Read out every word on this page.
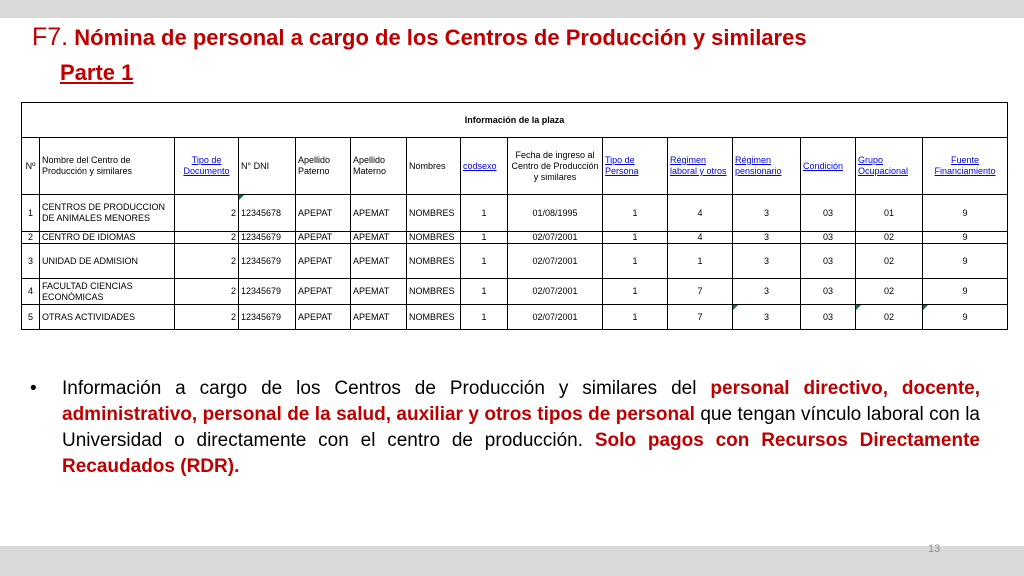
F7. Nómina de personal a cargo de los Centros de Producción y similares
Parte 1
Información de la plaza														
Nº	Nombre del Centro de Producción y similares	Tipo de Documento	N° DNI	Apellido Paterno	Apellido Materno	Nombres	codsexo	Fecha de ingreso al Centro de Producción y similares	Tipo de Persona	Régimen laboral y otros	Régimen pensionario	Condición	Grupo Ocupacional	Fuente Financiamiento
1	CENTROS DE PRODUCCION DE ANIMALES MENORES	2	12345678	APEPAT	APEMAT	NOMBRES	1	01/08/1995	1	4	3	03	01	9
2	CENTRO DE IDIOMAS	2	12345679	APEPAT	APEMAT	NOMBRES	1	02/07/2001	1	4	3	03	02	9
3	UNIDAD DE ADMISION	2	12345679	APEPAT	APEMAT	NOMBRES	1	02/07/2001	1	1	3	03	02	9
4	FACULTAD CIENCIAS ECONÓMICAS	2	12345679	APEPAT	APEMAT	NOMBRES	1	02/07/2001	1	7	3	03	02	9
5	OTRAS ACTIVIDADES	2	12345679	APEPAT	APEMAT	NOMBRES	1	02/07/2001	1	7	3	03	02	9
• Información a cargo de los Centros de Producción y similares del personal directivo, docente, administrativo, personal de la salud, auxiliar y otros tipos de personal que tengan vínculo laboral con la Universidad o directamente con el centro de producción. Solo pagos con Recursos Directamente Recaudados (RDR).
13
